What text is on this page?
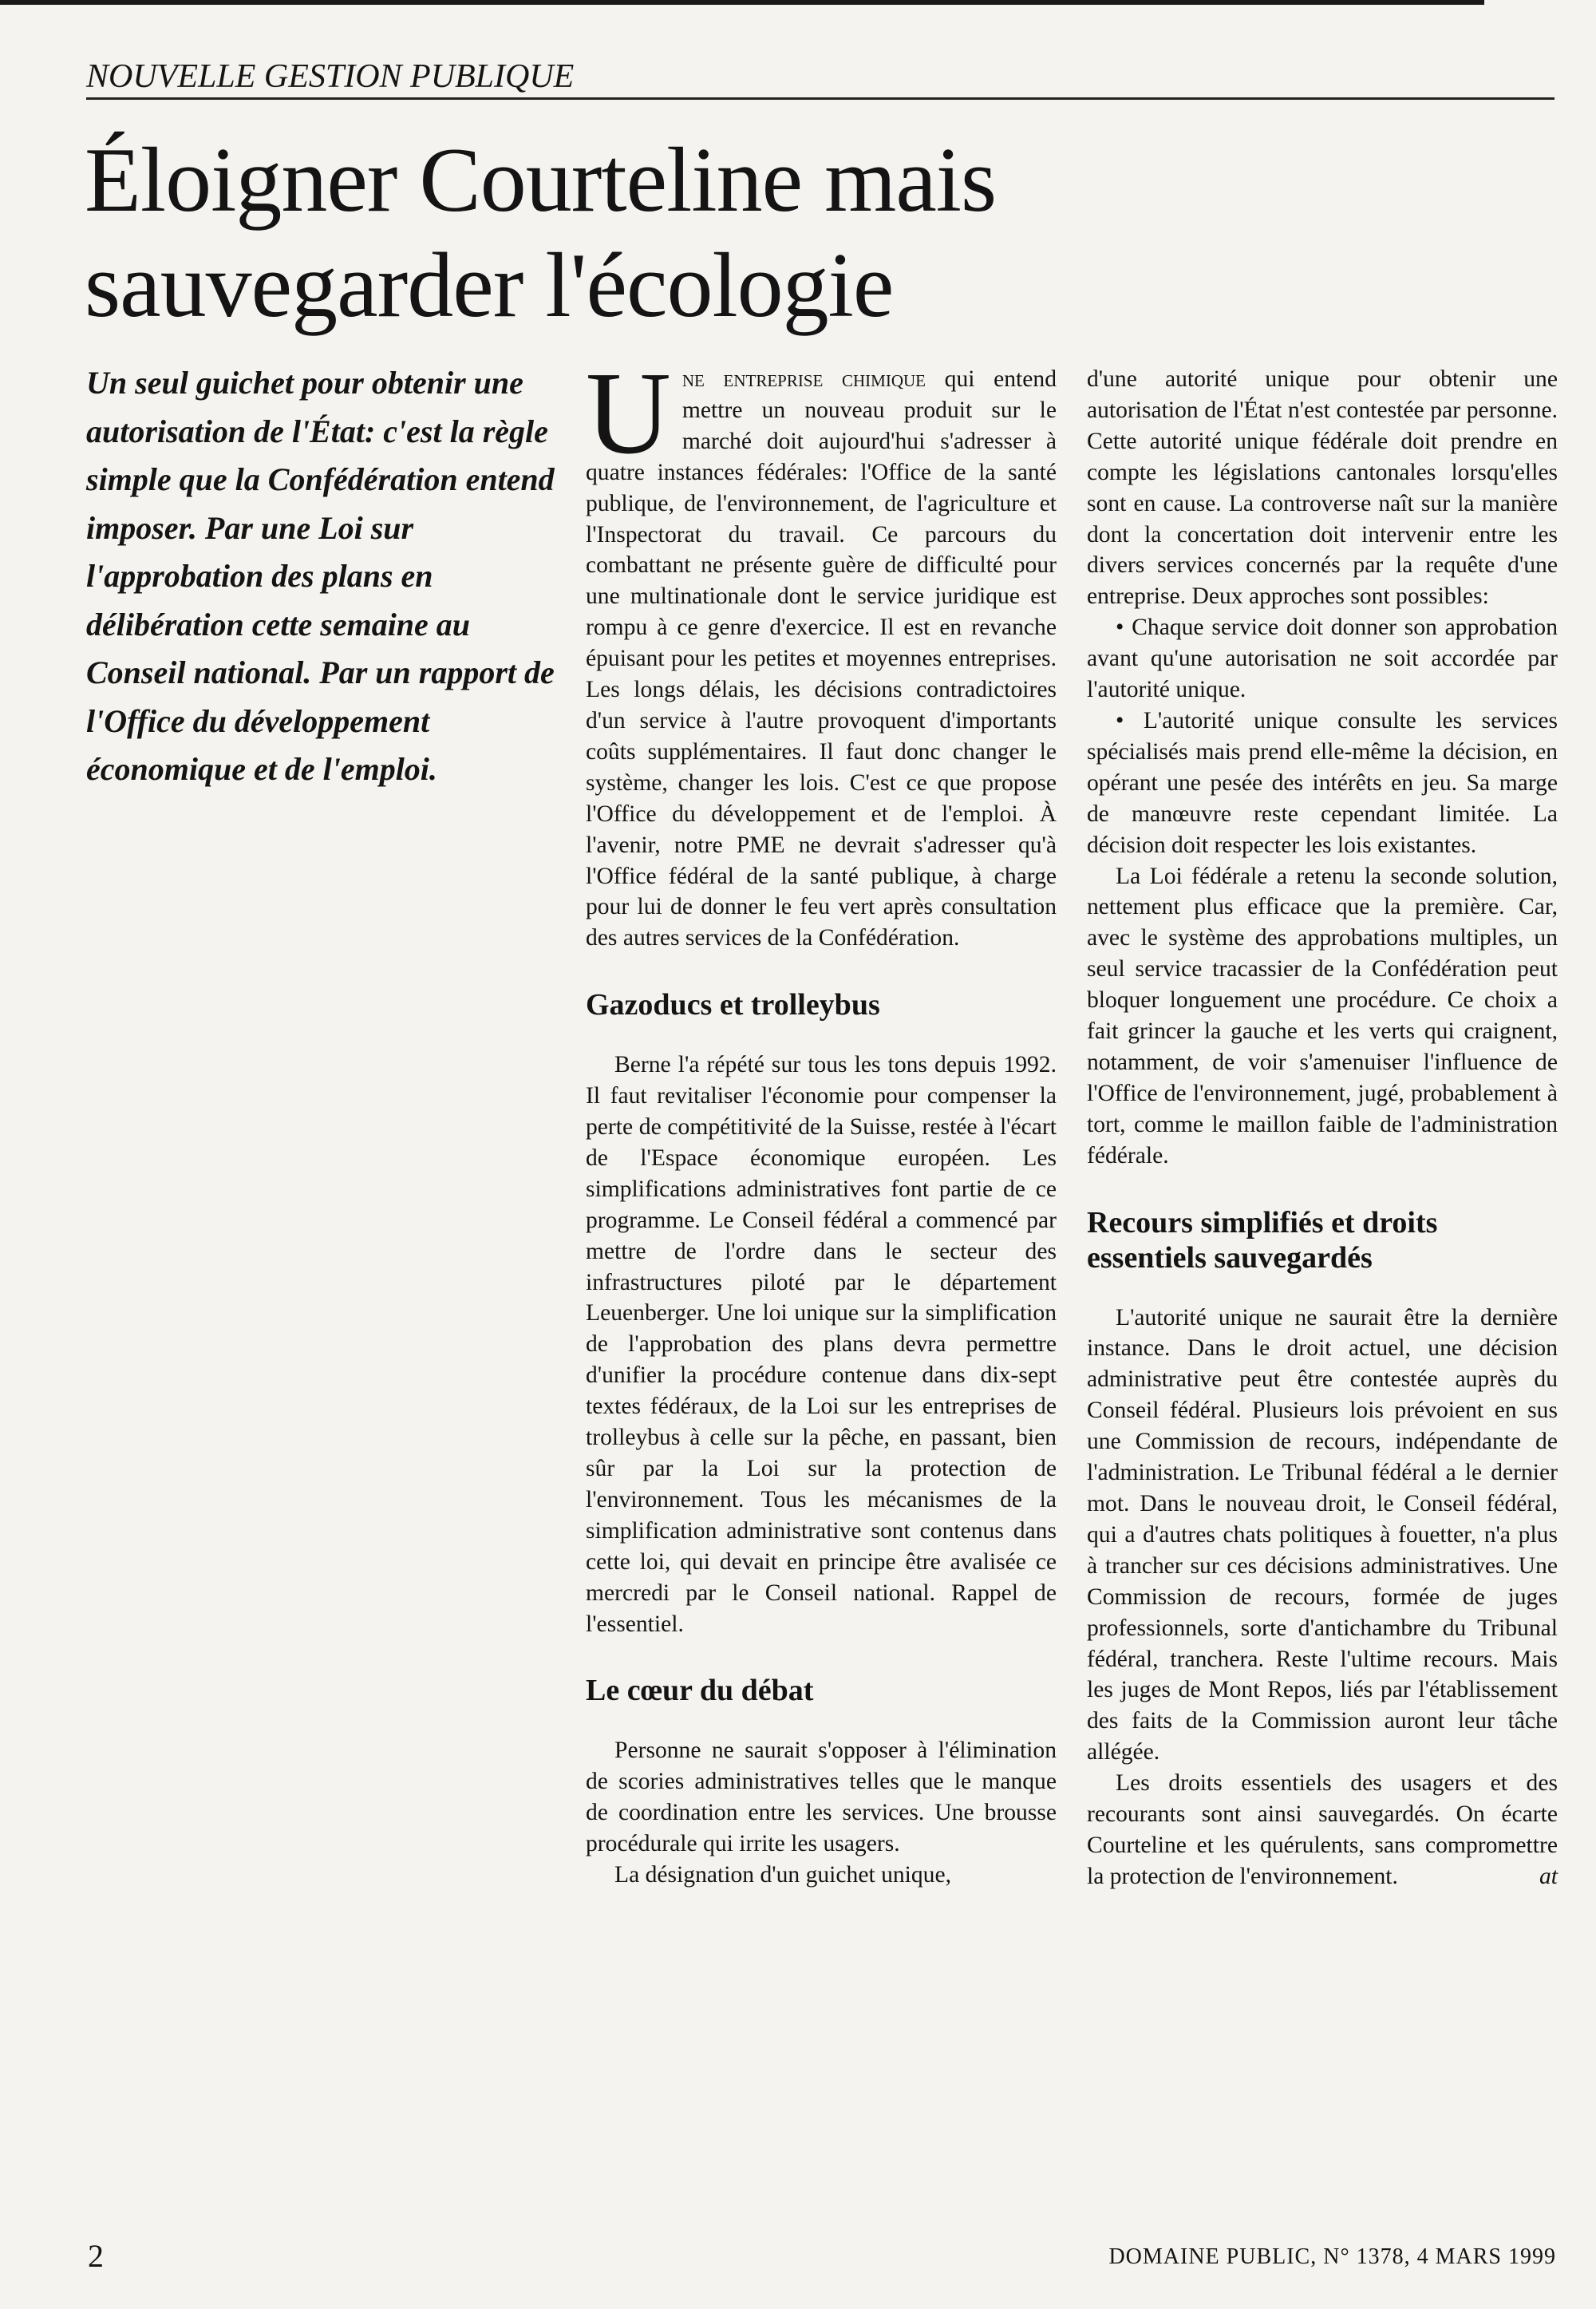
NOUVELLE GESTION PUBLIQUE
Éloigner Courteline mais
sauvegarder l'écologie
Un seul guichet pour obtenir une autorisation de l'État: c'est la règle simple que la Confédération entend imposer. Par une Loi sur l'approbation des plans en délibération cette semaine au Conseil national. Par un rapport de l'Office du développement économique et de l'emploi.

Une entreprise chimique qui entend mettre un nouveau produit sur le marché doit aujourd'hui s'adresser à quatre instances fédérales: l'Office de la santé publique, de l'environnement, de l'agriculture et l'Inspectorat du travail. Ce parcours du combattant ne présente guère de difficulté pour une multinationale dont le service juridique est rompu à ce genre d'exercice. Il est en revanche épuisant pour les petites et moyennes entreprises. Les longs délais, les décisions contradictoires d'un service à l'autre provoquent d'importants coûts supplémentaires. Il faut donc changer le système, changer les lois. C'est ce que propose l'Office du développement et de l'emploi. À l'avenir, notre PME ne devrait s'adresser qu'à l'Office fédéral de la santé publique, à charge pour lui de donner le feu vert après consultation des autres services de la Confédération.

Gazoducs et trolleybus

Berne l'a répété sur tous les tons depuis 1992. Il faut revitaliser l'économie pour compenser la perte de compétitivité de la Suisse, restée à l'écart de l'Espace économique européen. Les simplifications administratives font partie de ce programme. Le Conseil fédéral a commencé par mettre de l'ordre dans le secteur des infrastructures piloté par le département Leuenberger. Une loi unique sur la simplification de l'approbation des plans devra permettre d'unifier la procédure contenue dans dix-sept textes fédéraux, de la Loi sur les entreprises de trolleybus à celle sur la pêche, en passant, bien sûr par la Loi sur la protection de l'environnement. Tous les mécanismes de la simplification administrative sont contenus dans cette loi, qui devait en principe être avalisée ce mercredi par le Conseil national. Rappel de l'essentiel.

Le cœur du débat

Personne ne saurait s'opposer à l'élimination de scories administratives telles que le manque de coordination entre les services. Une brousse procédurale qui irrite les usagers.

La désignation d'un guichet unique,

d'une autorité unique pour obtenir une autorisation de l'État n'est contestée par personne. Cette autorité unique fédérale doit prendre en compte les législations cantonales lorsqu'elles sont en cause. La controverse naît sur la manière dont la concertation doit intervenir entre les divers services concernés par la requête d'une entreprise. Deux approches sont possibles:

• Chaque service doit donner son approbation avant qu'une autorisation ne soit accordée par l'autorité unique.
• L'autorité unique consulte les services spécialisés mais prend elle-même la décision, en opérant une pesée des intérêts en jeu. Sa marge de manœuvre reste cependant limitée. La décision doit respecter les lois existantes.

La Loi fédérale a retenu la seconde solution, nettement plus efficace que la première. Car, avec le système des approbations multiples, un seul service tracassier de la Confédération peut bloquer longuement une procédure. Ce choix a fait grincer la gauche et les verts qui craignent, notamment, de voir s'amenuiser l'influence de l'Office de l'environnement, jugé, probablement à tort, comme le maillon faible de l'administration fédérale.

Recours simplifiés et droits essentiels sauvegardés

L'autorité unique ne saurait être la dernière instance. Dans le droit actuel, une décision administrative peut être contestée auprès du Conseil fédéral. Plusieurs lois prévoient en sus une Commission de recours, indépendante de l'administration. Le Tribunal fédéral a le dernier mot. Dans le nouveau droit, le Conseil fédéral, qui a d'autres chats politiques à fouetter, n'a plus à trancher sur ces décisions administratives. Une Commission de recours, formée de juges professionnels, sorte d'antichambre du Tribunal fédéral, tranchera. Reste l'ultime recours. Mais les juges de Mont Repos, liés par l'établissement des faits de la Commission auront leur tâche allégée.

Les droits essentiels des usagers et des recourants sont ainsi sauvegardés. On écarte Courteline et les quérulents, sans compromettre la protection de l'environnement.	at

2	DOMAINE PUBLIC, N° 1378, 4 MARS 1999
